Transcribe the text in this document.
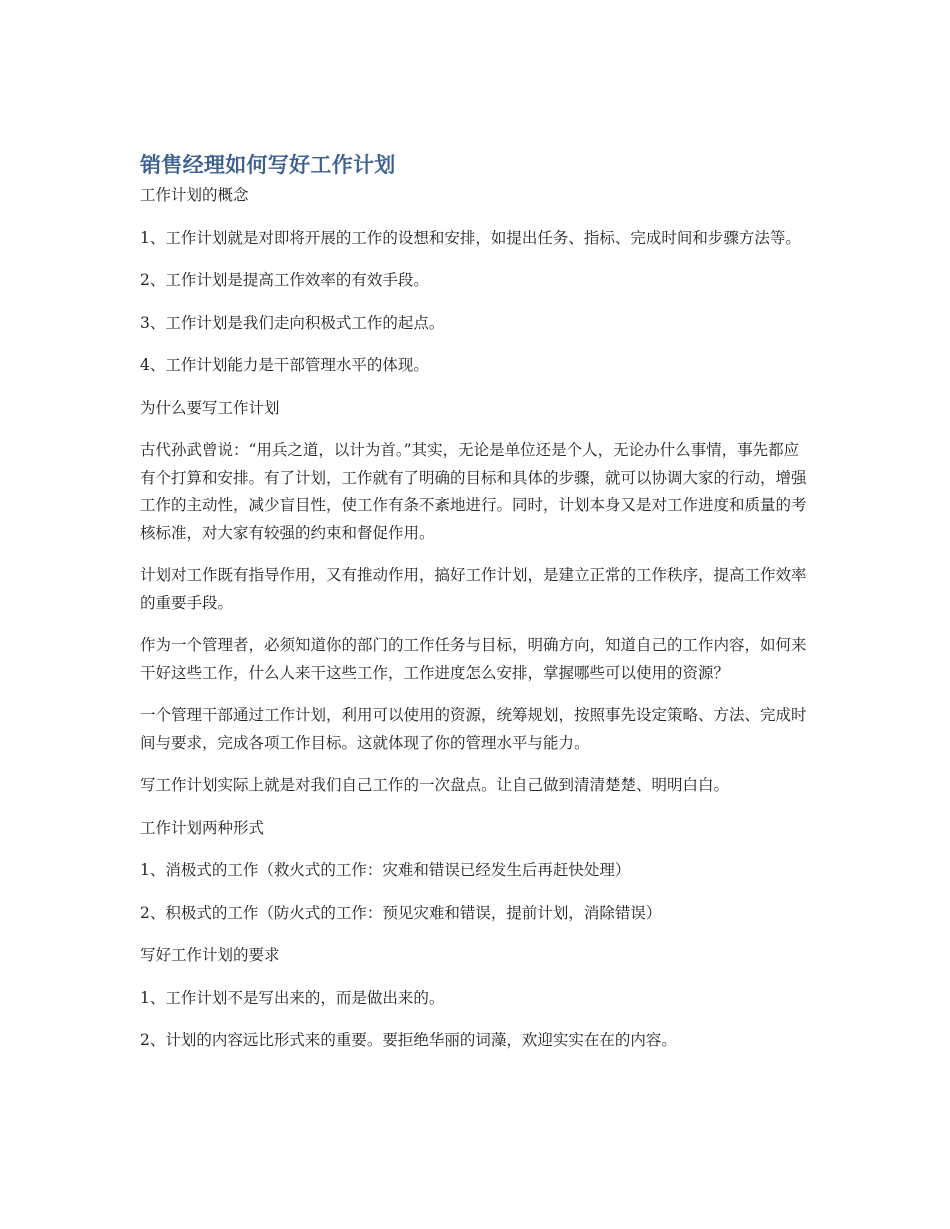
销售经理如何写好工作计划

工作计划的概念

1、工作计划就是对即将开展的工作的设想和安排，如提出任务、指标、完成时间和步骤方法等。

2、工作计划是提高工作效率的有效手段。

3、工作计划是我们走向积极式工作的起点。

4、工作计划能力是干部管理水平的体现。

为什么要写工作计划

古代孙武曾说：“用兵之道，以计为首。”其实，无论是单位还是个人，无论办什么事情，事先都应有个打算和安排。有了计划，工作就有了明确的目标和具体的步骤，就可以协调大家的行动，增强工作的主动性，减少盲目性，使工作有条不紊地进行。同时，计划本身又是对工作进度和质量的考核标准，对大家有较强的约束和督促作用。

计划对工作既有指导作用，又有推动作用，搞好工作计划，是建立正常的工作秩序，提高工作效率的重要手段。

作为一个管理者，必须知道你的部门的工作任务与目标，明确方向，知道自己的工作内容，如何来干好这些工作，什么人来干这些工作，工作进度怎么安排，掌握哪些可以使用的资源？

一个管理干部通过工作计划，利用可以使用的资源，统筹规划，按照事先设定策略、方法、完成时间与要求，完成各项工作目标。这就体现了你的管理水平与能力。

写工作计划实际上就是对我们自己工作的一次盘点。让自己做到清清楚楚、明明白白。

工作计划两种形式

1、消极式的工作（救火式的工作：灾难和错误已经发生后再赶快处理）

2、积极式的工作（防火式的工作：预见灾难和错误，提前计划，消除错误）

写好工作计划的要求

1、工作计划不是写出来的，而是做出来的。

2、计划的内容远比形式来的重要。要拒绝华丽的词藻，欢迎实实在在的内容。
